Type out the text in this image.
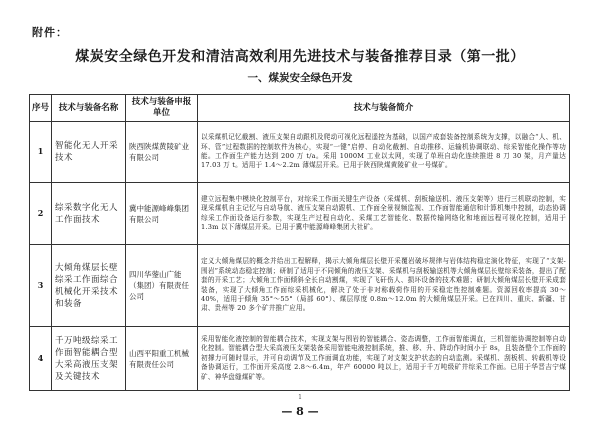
附件：
煤炭安全绿色开发和清洁高效利用先进技术与装备推荐目录（第一批）
一、煤炭安全绿色开发
序号	技术与装备名称	技术与装备申报单位	技术与装备简介
1	智能化无人开采技术	陕西陕煤黄陵矿业有限公司	以采煤机记忆截割、液压支架自动跟机及爬动可视化远程遥控为基础，以国产成套装备控制系统为支撑，以融合“人、机、环、管”过程数据的控制软件为核心，实现“一键”启停、自动化截割、自动推移、运输机协调联动、综采智能化操作等功能。工作面生产能力达到 200 万 t/a。采用 1000M 工业以太网，实现了单班自动化连续推进 8 刀 30 架，月产量达 17.03 万 t。适用于 1.4～2.2m 薄煤层开采。已用于陕西陕煤黄陵矿业一号煤矿。
2	综采数字化无人工作面技术	冀中能源峰峰集团有限公司	建立远程集中模块化控制平台，对综采工作面关键生产设备（采煤机、刮板输送机、液压支架等）进行三机联动控制，实现采煤机自主记忆与自动导航、液压支架自动跟机、工作面全景视频监视、工作面智能通信和计算机集中控制，动态协调综采工作面设备运行参数，实现生产过程自动化、采煤工艺智能化、数据传输网络化和地面远程可视化控制，适用于 1.3m 以下薄煤层开采。已用于冀中能源峰峰集团大社矿。
3	大倾角煤层长壁综采工作面综合机械化开采技术和装备	四川华蓥山广能（集团）有限责任公司	定义大倾角煤层的概念并给出工程解释，揭示大倾角煤层长壁开采覆岩破坏规律与岩体结构稳定演化特征，实现了“支架-围岩”系统动态稳定控制；研制了适用于不同倾角的液压支架、采煤机与刮板输送机等大倾角煤层长壁综采装备，提出了配套的开采工艺；大倾角工作面倾斜全长自动割煤，实现了飞矸伤人、损坏设备的技术难题；研制大倾角煤层长壁开采成套装备，实现了大倾角工作面综采机械化，解决了处于非对称载荷作用的开采稳定性控制难题。资源回收率提高 30～40%，适用于倾角 35°～55°（局部 60°）、煤层厚度 0.8m～12.0m 的大倾角煤层开采。已在四川、重庆、新疆、甘肃、贵州等 20 多个矿井推广应用。
4	千万吨级综采工作面智能耦合型大采高液压支架及关键技术	山西平阳重工机械有限责任公司	采用智能化液控制的智能耦合技术，实现支架与围岩的智能耦合、姿态调整，工作面智能调直，三机智能协调控制等自动化控制。智能耦合型大采高液压支架装备采用智能电液控制系统，推、移、升、降动作时间小于 8s，且装备整个工作面的初撑力可随时显示，并可自动调节及工作面调直功能，实现了对支架支护状态的自动监测。采煤机、刮板机、转载机等设备协调运行，工作面开采高度 2.8～6.4m，年产 60000 吨以上，适用于千万吨级矿井综采工作面。已用于华晋吉宁煤矿、神华盘缝煤矿等。
1
— 8 —
